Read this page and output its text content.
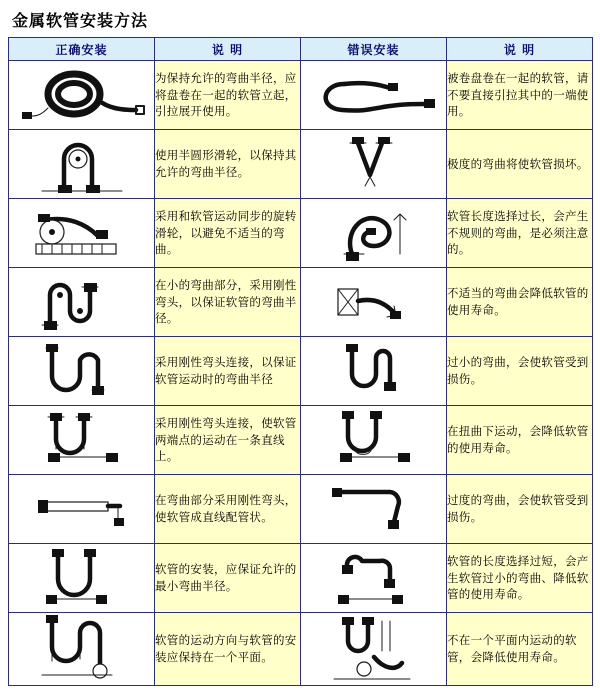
金属软管安装方法
正确安装	说 明	错误安装	说 明

	为保持允许的弯曲半径，应将盘卷在一起的软管立起，引拉展开使用。		被卷盘卷在一起的软管，请不要直接引拉其中的一端使用。

	使用半圆形滑轮，以保持其允许的弯曲半径。		极度的弯曲将使软管损坏。

	采用和软管运动同步的旋转滑轮，以避免不适当的弯曲。		软管长度选择过长，会产生不规则的弯曲，是必须注意的。

	在小的弯曲部分，采用刚性弯头，以保证软管的弯曲半径。		不适当的弯曲会降低软管的使用寿命。

	采用刚性弯头连接，以保证软管运动时的弯曲半径		过小的弯曲，会使软管受到损伤。

	采用刚性弯头连接，使软管两端点的运动在一条直线上。		在扭曲下运动，会降低软管的使用寿命。

	在弯曲部分采用刚性弯头，使软管成直线配管状。		过度的弯曲，会使软管受到损伤。

	软管的安装，应保证允许的最小弯曲半径。		软管的长度选择过短，会产生软管过小的弯曲、降低软管的使用寿命。

	软管的运动方向与软管的安装应保持在一个平面。		不在一个平面内运动的软管，会降低使用寿命。
